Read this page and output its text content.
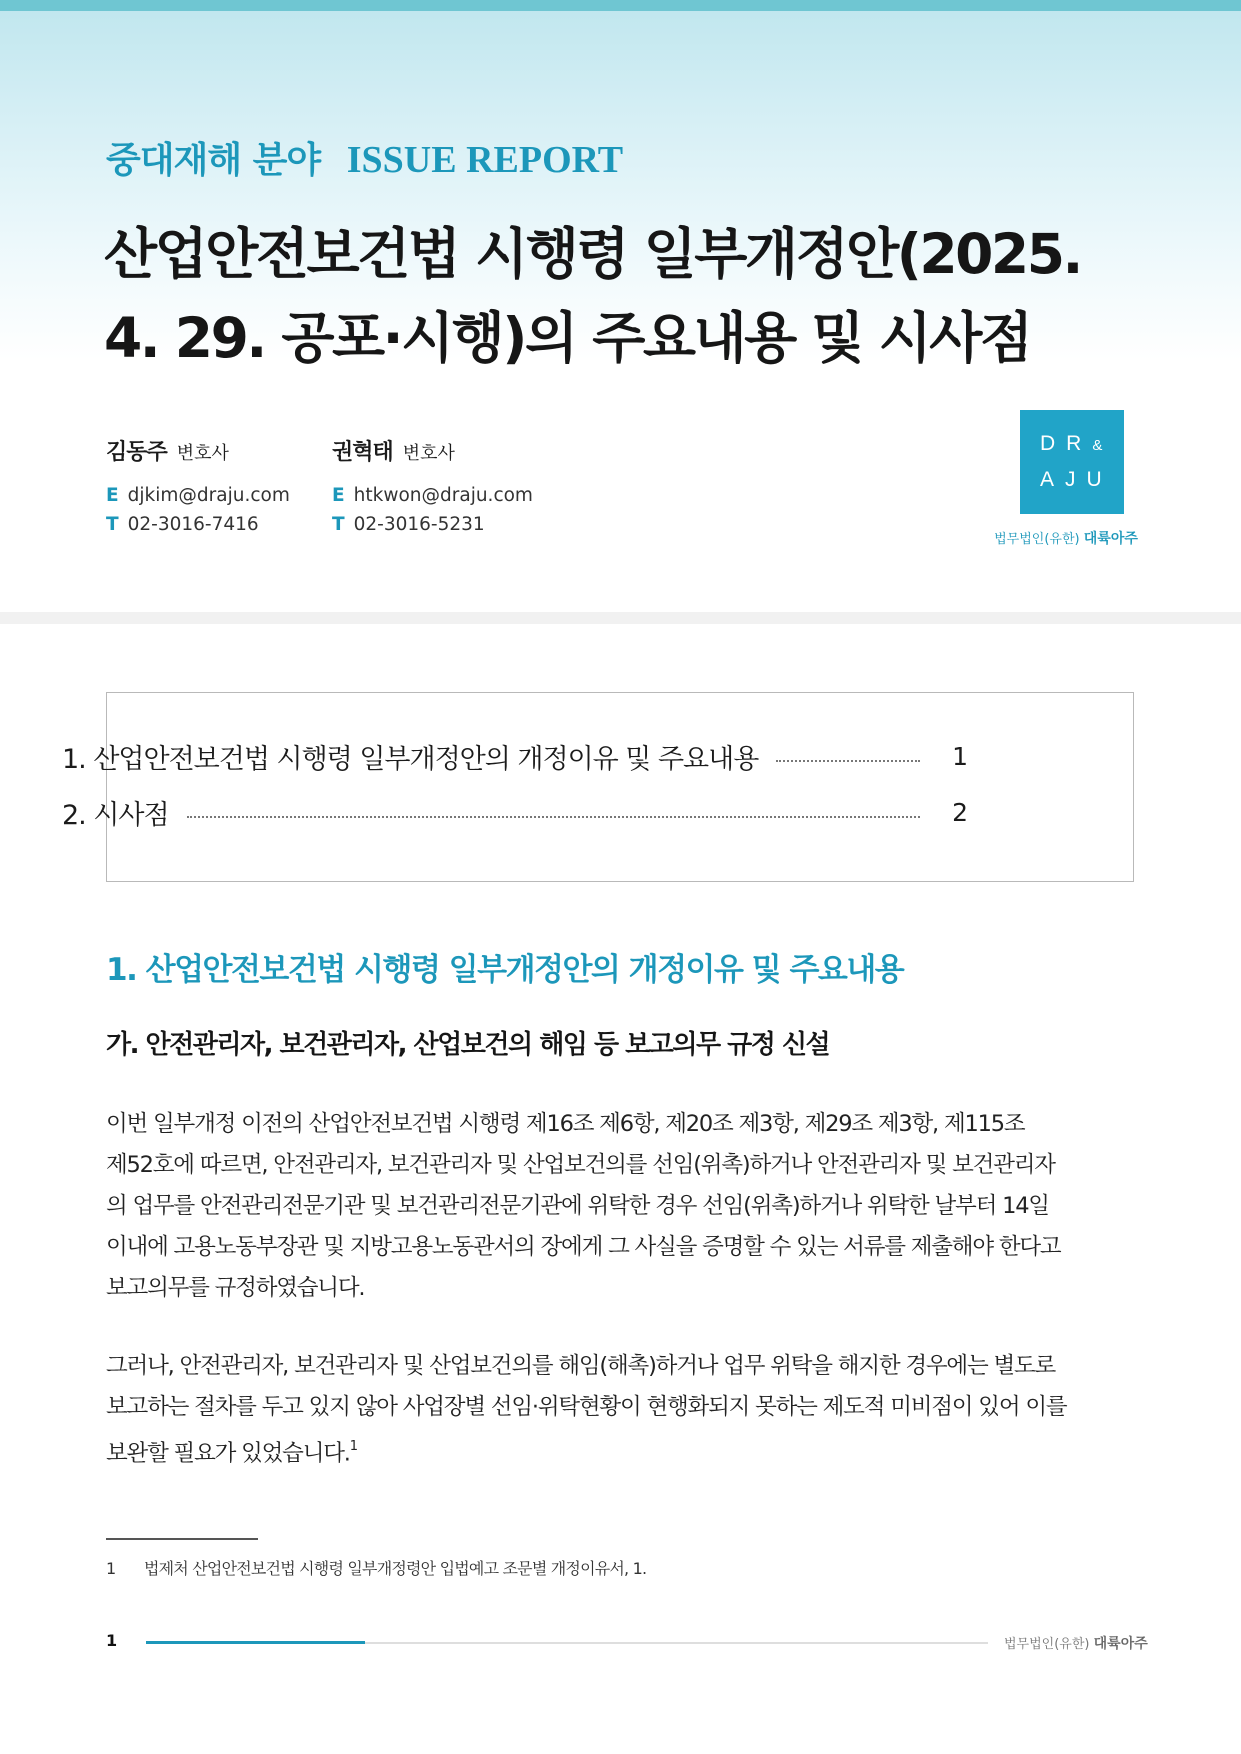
중대재해 분야 ISSUE REPORT
산업안전보건법 시행령 일부개정안(2025.
4. 29. 공포·시행)의 주요내용 및 시사점
김동주 변호사
E djkim@draju.com
T 02-3016-7416
권혁태 변호사
E htkwon@draju.com
T 02-3016-5231
DR&
AJU
법무법인(유한) 대륙아주
1. 산업안전보건법 시행령 일부개정안의 개정이유 및 주요내용	1
2. 시사점	2
1. 산업안전보건법 시행령 일부개정안의 개정이유 및 주요내용
가. 안전관리자, 보건관리자, 산업보건의 해임 등 보고의무 규정 신설

이번 일부개정 이전의 산업안전보건법 시행령 제16조 제6항, 제20조 제3항, 제29조 제3항, 제115조
제52호에 따르면, 안전관리자, 보건관리자 및 산업보건의를 선임(위촉)하거나 안전관리자 및 보건관리자
의 업무를 안전관리전문기관 및 보건관리전문기관에 위탁한 경우 선임(위촉)하거나 위탁한 날부터 14일
이내에 고용노동부장관 및 지방고용노동관서의 장에게 그 사실을 증명할 수 있는 서류를 제출해야 한다고
보고의무를 규정하였습니다.

그러나, 안전관리자, 보건관리자 및 산업보건의를 해임(해촉)하거나 업무 위탁을 해지한 경우에는 별도로
보고하는 절차를 두고 있지 않아 사업장별 선임·위탁현황이 현행화되지 못하는 제도적 미비점이 있어 이를
보완할 필요가 있었습니다.$^1$

1 법제처 산업안전보건법 시행령 일부개정령안 입법예고 조문별 개정이유서, 1.
1	법무법인(유한) 대륙아주
